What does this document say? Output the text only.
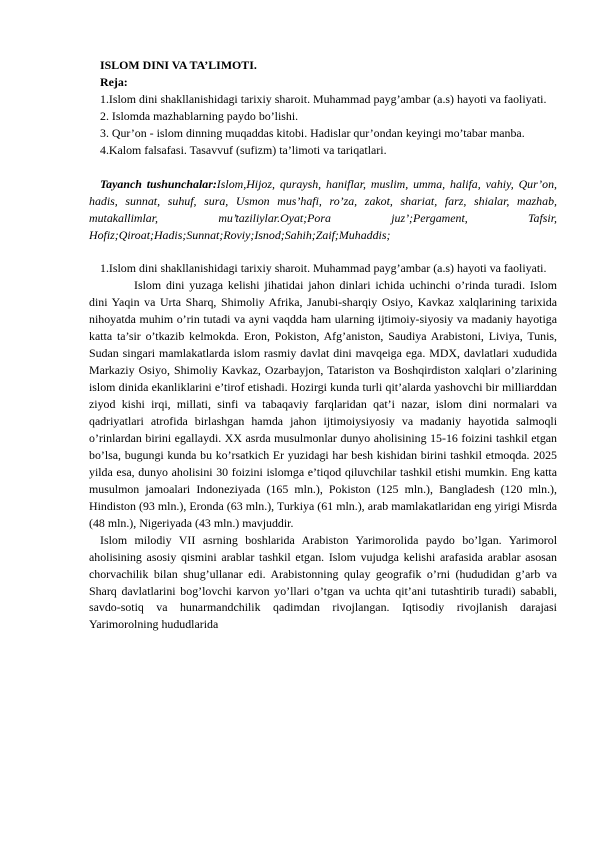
ISLOM DINI VA TA’LIMOTI.

Reja:

1.Islom dini shakllanishidagi tarixiy sharoit. Muhammad payg’ambar (a.s) hayoti va faoliyati.

2. Islomda mazhablarning paydo bo’lishi.

3. Qur’on - islom dinning muqaddas kitobi. Hadislar qur’ondan keyingi mo’tabar manba.

4.Kalom falsafasi. Tasavvuf (sufizm) ta’limoti va tariqatlari.

Tayanch tushunchalar:Islom,Hijoz, quraysh, haniflar, muslim, umma, halifa, vahiy, Qur’on, hadis, sunnat, suhuf, sura, Usmon mus’hafi, ro’za, zakot, shariat, farz, shialar, mazhab, mutakallimlar, mu’taziliylar.Oyat;Pora juz’;Pergament, Tafsir, Hofiz;Qiroat;Hadis;Sunnat;Roviy;Isnod;Sahih;Zaif;Muhaddis;

1.Islom dini shakllanishidagi tarixiy sharoit. Muhammad payg’ambar (a.s) hayoti va faoliyati.

Islom dini yuzaga kelishi jihatidai jahon dinlari ichida uchinchi o’rinda turadi. Islom dini Yaqin va Urta Sharq, Shimoliy Afrika, Janubi-sharqiy Osiyo, Kavkaz xalqlarining tarixida nihoyatda muhim o’rin tutadi va ayni vaqdda ham ularning ijtimoiy-siyosiy va madaniy hayotiga katta ta’sir o’tkazib kelmokda. Eron, Pokiston, Afg’aniston, Saudiya Arabistoni, Liviya, Tunis, Sudan singari mamlakatlarda islom rasmiy davlat dini mavqeiga ega. MDX, davlatlari xududida Markaziy Osiyo, Shimoliy Kavkaz, Ozarbayjon, Tatariston va Boshqirdiston xalqlari o’zlarining islom dinida ekanliklarini e’tirof etishadi. Hozirgi kunda turli qit’alarda yashovchi bir milliarddan ziyod kishi irqi, millati, sinfi va tabaqaviy farqlaridan qat’i nazar, islom dini normalari va qadriyatlari atrofida birlashgan hamda jahon ijtimoiysiyosiy va madaniy hayotida salmoqli o’rinlardan birini egallaydi. XX asrda musulmonlar dunyo aholisining 15-16 foizini tashkil etgan bo’lsa, bugungi kunda bu ko’rsatkich Er yuzidagi har besh kishidan birini tashkil etmoqda. 2025 yilda esa, dunyo aholisini 30 foizini islomga e’tiqod qiluvchilar tashkil etishi mumkin. Eng katta musulmon jamoalari Indoneziyada (165 mln.), Pokiston (125 mln.), Bangladesh (120 mln.), Hindiston (93 mln.), Eronda (63 mln.), Turkiya (61 mln.), arab mamlakatlaridan eng yirigi Misrda (48 mln.), Nigeriyada (43 mln.) mavjuddir.

Islom milodiy VII asrning boshlarida Arabiston Yarimorolida paydo bo’lgan. Yarimorol aholisining asosiy qismini arablar tashkil etgan. Islom vujudga kelishi arafasida arablar asosan chorvachilik bilan shug’ullanar edi. Arabistonning qulay geografik o’rni (hududidan g’arb va Sharq davlatlarini bog’lovchi karvon yo’llari o’tgan va uchta qit’ani tutashtirib turadi) sababli, savdo-sotiq va hunarmandchilik qadimdan rivojlangan. Iqtisodiy rivojlanish darajasi Yarimorolning hududlarida
